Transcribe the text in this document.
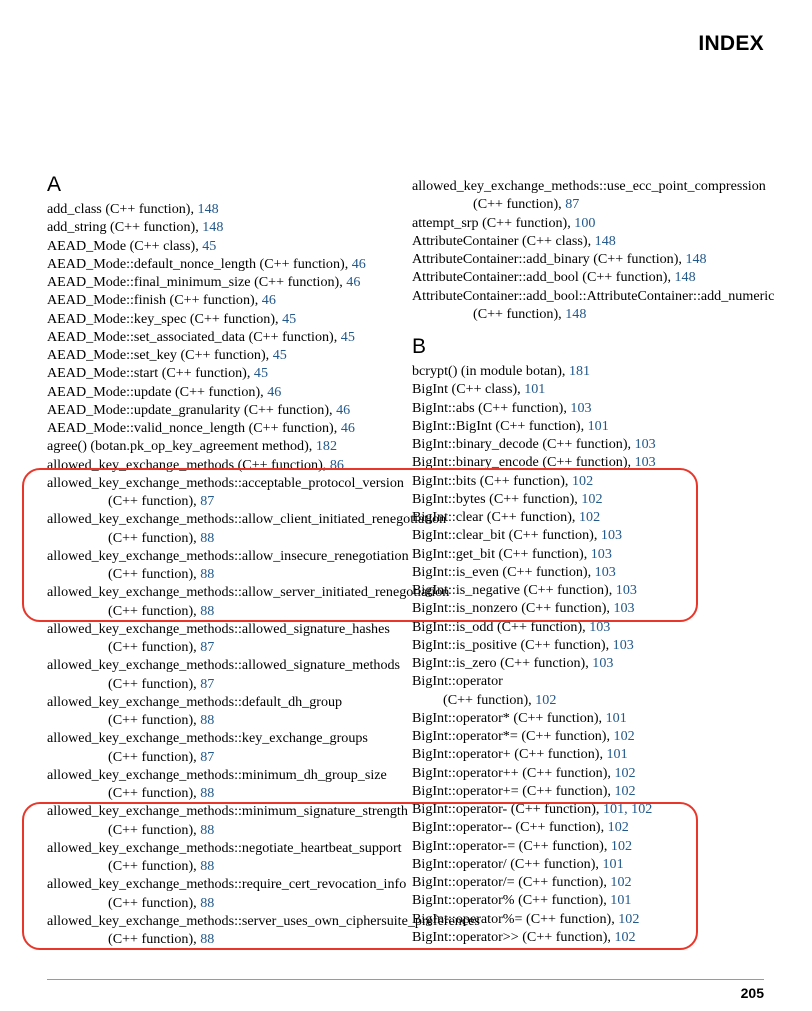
INDEX
A
add_class (C++ function), 148
add_string (C++ function), 148
AEAD_Mode (C++ class), 45
AEAD_Mode::default_nonce_length (C++ function), 46
AEAD_Mode::final_minimum_size (C++ function), 46
AEAD_Mode::finish (C++ function), 46
AEAD_Mode::key_spec (C++ function), 45
AEAD_Mode::set_associated_data (C++ function), 45
AEAD_Mode::set_key (C++ function), 45
AEAD_Mode::start (C++ function), 45
AEAD_Mode::update (C++ function), 46
AEAD_Mode::update_granularity (C++ function), 46
AEAD_Mode::valid_nonce_length (C++ function), 46
agree() (botan.pk_op_key_agreement method), 182
allowed_key_exchange_methods (C++ function), 86
allowed_key_exchange_methods::acceptable_protocol_version
(C++ function), 87
allowed_key_exchange_methods::allow_client_initiated_renegotiation
(C++ function), 88
allowed_key_exchange_methods::allow_insecure_renegotiation
(C++ function), 88
allowed_key_exchange_methods::allow_server_initiated_renegotiation
(C++ function), 88
allowed_key_exchange_methods::allowed_signature_hashes
(C++ function), 87
allowed_key_exchange_methods::allowed_signature_methods
(C++ function), 87
allowed_key_exchange_methods::default_dh_group
(C++ function), 88
allowed_key_exchange_methods::key_exchange_groups
(C++ function), 87
allowed_key_exchange_methods::minimum_dh_group_size
(C++ function), 88
allowed_key_exchange_methods::minimum_signature_strength
(C++ function), 88
allowed_key_exchange_methods::negotiate_heartbeat_support
(C++ function), 88
allowed_key_exchange_methods::require_cert_revocation_info
(C++ function), 88
allowed_key_exchange_methods::server_uses_own_ciphersuite_preferences
(C++ function), 88
allowed_key_exchange_methods::use_ecc_point_compression
(C++ function), 87
attempt_srp (C++ function), 100
AttributeContainer (C++ class), 148
AttributeContainer::add_binary (C++ function), 148
AttributeContainer::add_bool (C++ function), 148
AttributeContainer::add_bool::AttributeContainer::add_numeric
(C++ function), 148
B
bcrypt() (in module botan), 181
BigInt (C++ class), 101
BigInt::abs (C++ function), 103
BigInt::BigInt (C++ function), 101
BigInt::binary_decode (C++ function), 103
BigInt::binary_encode (C++ function), 103
BigInt::bits (C++ function), 102
BigInt::bytes (C++ function), 102
BigInt::clear (C++ function), 102
BigInt::clear_bit (C++ function), 103
BigInt::get_bit (C++ function), 103
BigInt::is_even (C++ function), 103
BigInt::is_negative (C++ function), 103
BigInt::is_nonzero (C++ function), 103
BigInt::is_odd (C++ function), 103
BigInt::is_positive (C++ function), 103
BigInt::is_zero (C++ function), 103
BigInt::operator
(C++ function), 102
BigInt::operator* (C++ function), 101
BigInt::operator*= (C++ function), 102
BigInt::operator+ (C++ function), 101
BigInt::operator++ (C++ function), 102
BigInt::operator+= (C++ function), 102
BigInt::operator- (C++ function), 101, 102
BigInt::operator-- (C++ function), 102
BigInt::operator-= (C++ function), 102
BigInt::operator/ (C++ function), 101
BigInt::operator/= (C++ function), 102
BigInt::operator% (C++ function), 101
BigInt::operator%= (C++ function), 102
BigInt::operator>> (C++ function), 102
205
